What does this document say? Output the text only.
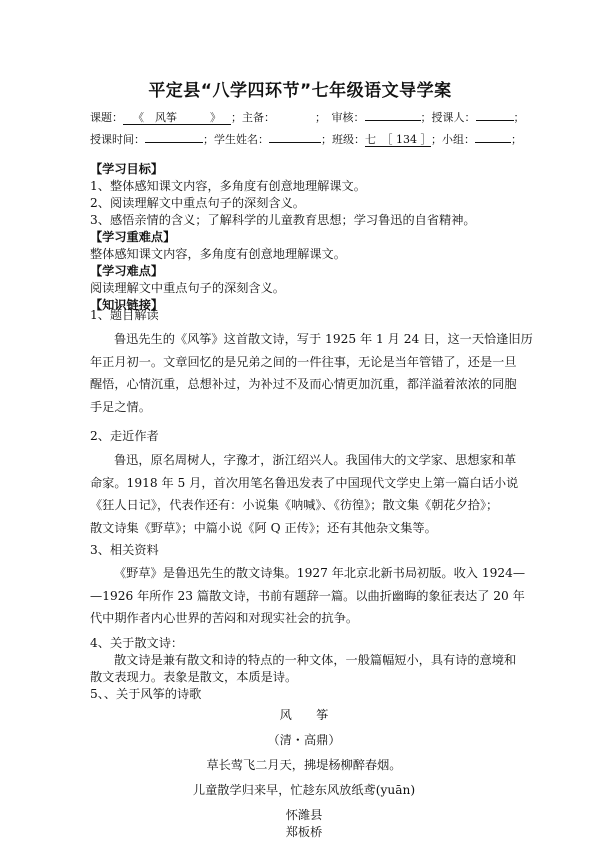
平定县“八学四环节”七年级语文导学案
课题： 《　风筝　　　》 ；主备：	；　审核：	；授课人：	；
授课时间：	；学生姓名：	；班级：七　［ 134 ］；小组：	；
【学习目标】
1、整体感知课文内容，多角度有创意地理解课文。
2、阅读理解文中重点句子的深刻含义。
3、感悟亲情的含义；了解科学的儿童教育思想；学习鲁迅的自省精神。
【学习重难点】
整体感知课文内容，多角度有创意地理解课文。
【学习难点】
阅读理解文中重点句子的深刻含义。
【知识链接】
1、题目解读
鲁迅先生的《风筝》这首散文诗，写于 1925 年 1 月 24 日，这一天恰逢旧历
年正月初一。文章回忆的是兄弟之间的一件往事，无论是当年管错了，还是一旦
醒悟，心情沉重，总想补过，为补过不及而心情更加沉重，都洋溢着浓浓的同胞
手足之情。
2、走近作者
鲁迅，原名周树人，字豫才，浙江绍兴人。我国伟大的文学家、思想家和革
命家。1918 年 5 月，首次用笔名鲁迅发表了中国现代文学史上第一篇白话小说
《狂人日记》，代表作还有：小说集《呐喊》、《彷徨》；散文集《朝花夕拾》；
散文诗集《野草》；中篇小说《阿 Q 正传》；还有其他杂文集等。
3、相关资料
《野草》是鲁迅先生的散文诗集。1927 年北京北新书局初版。收入 1924—
—1926 年所作 23 篇散文诗，书前有题辞一篇。以曲折幽晦的象征表达了 20 年
代中期作者内心世界的苦闷和对现实社会的抗争。
4、关于散文诗：
散文诗是兼有散文和诗的特点的一种文体，一般篇幅短小，具有诗的意境和
散文表现力。表象是散文，本质是诗。
5、、关于风筝的诗歌
风　　筝
（清・高鼎）
草长莺飞二月天，拂堤杨柳醉春烟。
儿童散学归来早，忙趁东风放纸鸢(yuān)
怀潍县
郑板桥
